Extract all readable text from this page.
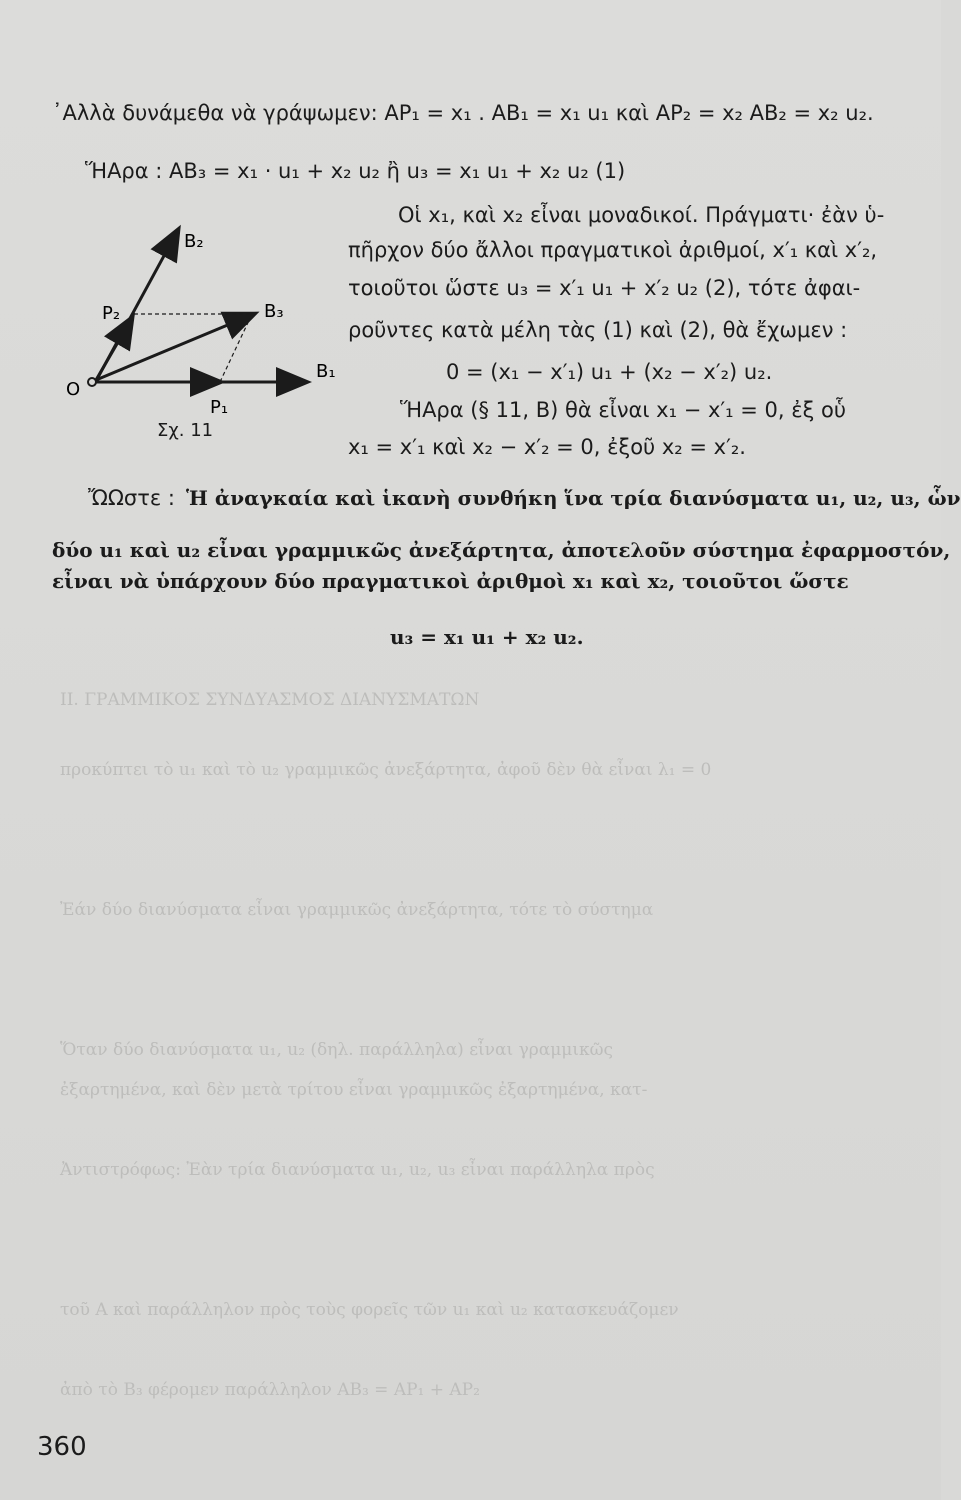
ΙΙ. ΓΡΑΜΜΙΚΟΣ ΣΥΝΔΥΑΣΜΟΣ ΔΙΑΝΥΣΜΑΤΩΝ
προκύπτει τὸ u₁ καὶ τὸ u₂ γραμμικῶς ἀνεξάρτητα, ἀφοῦ δὲν θὰ εἶναι λ₁ = 0
Ἐάν δύο διανύσματα εἶναι γραμμικῶς ἀνεξάρτητα, τότε τὸ σύστημα
Ὅταν δύο διανύσματα u₁, u₂ (δηλ. παράλληλα) εἶναι γραμμικῶς
ἐξαρτημένα, καὶ δὲν μετὰ τρίτου εἶναι γραμμικῶς ἐξαρτημένα, κατ-
Ἀντιστρόφως: Ἐὰν τρία διανύσματα u₁, u₂, u₃ εἶναι παράλληλα πρὸς
τοῦ Α καὶ παράλληλον πρὸς τοὺς φορεῖς τῶν u₁ καὶ u₂ κατασκευάζομεν
ἀπὸ τὸ Β₃ φέρομεν παράλληλον ΑΒ₃ = ΑΡ₁ + ΑΡ₂
᾿Αλλὰ δυνάμεθα νὰ γράψωμεν: AP₁ = x₁ . AB₁ = x₁ u₁ καὶ AP₂ = x₂ AB₂ = x₂ u₂.
ἭΑρα : AB₃ = x₁ · u₁ + x₂ u₂ ἢ u₃ = x₁ u₁ + x₂ u₂ (1)
Οἱ x₁, καὶ x₂ εἶναι μοναδικοί. Πράγματι· ἐὰν ὑ-
πῆρχον δύο ἄλλοι πραγματικοὶ ἀριθμοί, x′₁ καὶ x′₂,
τοιοῦτοι ὥστε u₃ = x′₁ u₁ + x′₂ u₂ (2), τότε ἀφαι-
ροῦντες κατὰ μέλη τὰς (1) καὶ (2), θὰ ἔχωμεν :
0 = (x₁ − x′₁) u₁ + (x₂ − x′₂) u₂.
ἭΑρα (§ 11, B) θὰ εἶναι x₁ − x′₁ = 0, ἐξ οὗ
x₁ = x′₁ καὶ x₂ − x′₂ = 0, ἐξοῦ x₂ = x′₂.
ὬΩστε : Ἡ ἀναγκαία καὶ ἱκανὴ συνθήκη ἵνα τρία διανύσματα u₁, u₂, u₃, ὧν
δύο u₁ καὶ u₂ εἶναι γραμμικῶς ἀνεξάρτητα, ἀποτελοῦν σύστημα ἐφαρμοστόν,
εἶναι νὰ ὑπάρχουν δύο πραγματικοὶ ἀριθμοὶ x₁ καὶ x₂, τοιοῦτοι ὥστε
u₃ = x₁ u₁ + x₂ u₂.
B₂
P₂	B₃
B₁
O
P₁
Σχ. 11
360
